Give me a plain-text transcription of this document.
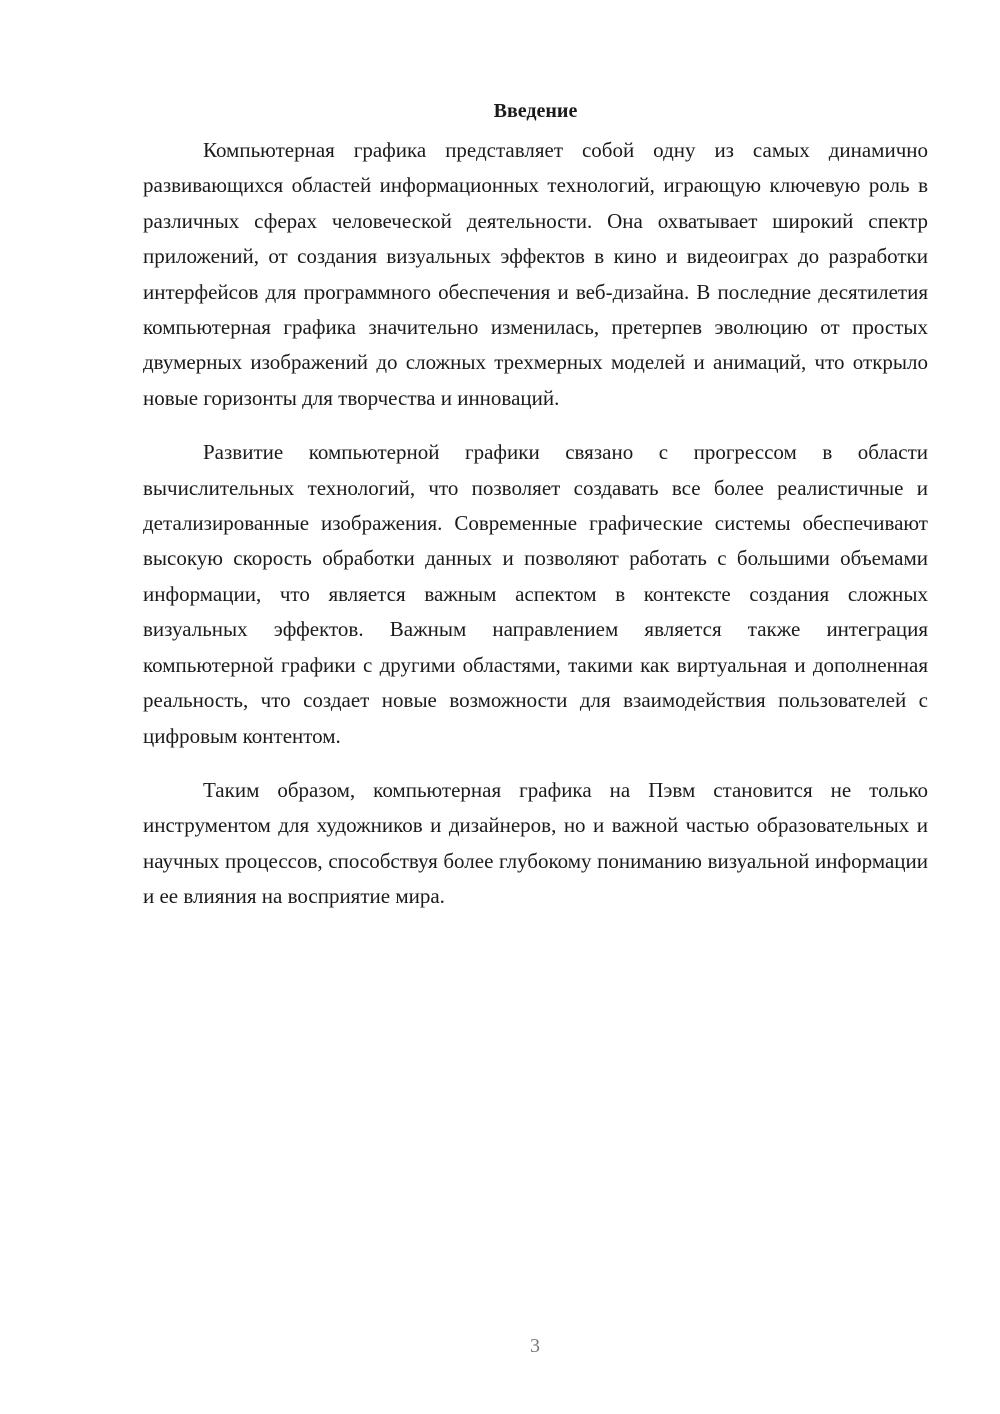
Введение

Компьютерная графика представляет собой одну из самых динамично развивающихся областей информационных технологий, играющую ключевую роль в различных сферах человеческой деятельности. Она охватывает широкий спектр приложений, от создания визуальных эффектов в кино и видеоиграх до разработки интерфейсов для программного обеспечения и веб-дизайна. В последние десятилетия компьютерная графика значительно изменилась, претерпев эволюцию от простых двумерных изображений до сложных трехмерных моделей и анимаций, что открыло новые горизонты для творчества и инноваций.

Развитие компьютерной графики связано с прогрессом в области вычислительных технологий, что позволяет создавать все более реалистичные и детализированные изображения. Современные графические системы обеспечивают высокую скорость обработки данных и позволяют работать с большими объемами информации, что является важным аспектом в контексте создания сложных визуальных эффектов. Важным направлением является также интеграция компьютерной графики с другими областями, такими как виртуальная и дополненная реальность, что создает новые возможности для взаимодействия пользователей с цифровым контентом.

Таким образом, компьютерная графика на Пэвм становится не только инструментом для художников и дизайнеров, но и важной частью образовательных и научных процессов, способствуя более глубокому пониманию визуальной информации и ее влияния на восприятие мира.

3
